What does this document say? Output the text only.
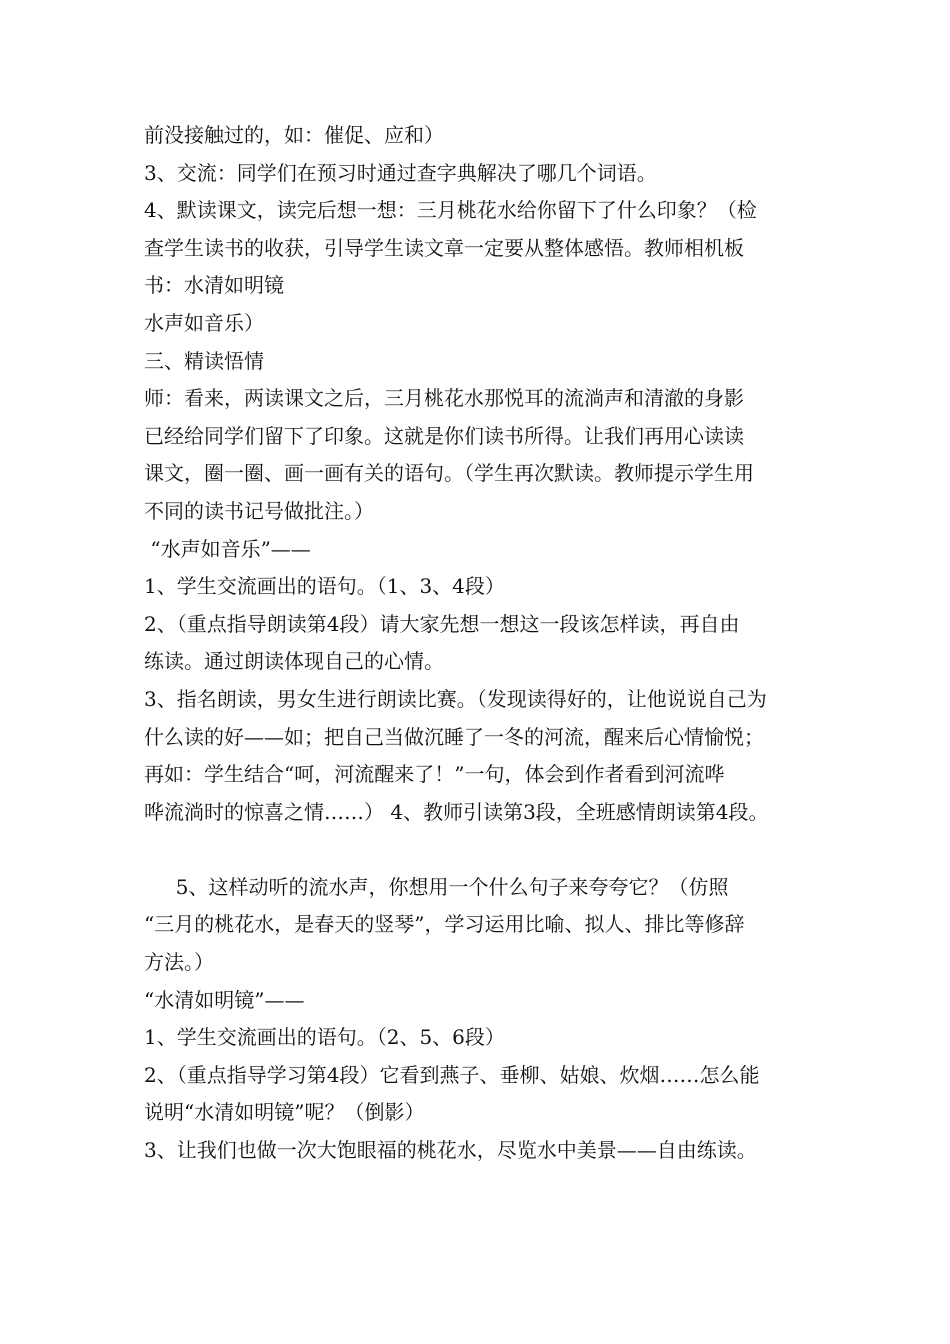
前没接触过的，如：催促、应和）
3、交流：同学们在预习时通过查字典解决了哪几个词语。
4、默读课文，读完后想一想：三月桃花水给你留下了什么印象？（检
查学生读书的收获，引导学生读文章一定要从整体感悟。教师相机板
书：水清如明镜
水声如音乐）
三、精读悟情
师：看来，两读课文之后，三月桃花水那悦耳的流淌声和清澈的身影
已经给同学们留下了印象。这就是你们读书所得。让我们再用心读读
课文，圈一圈、画一画有关的语句。（学生再次默读。教师提示学生用
不同的读书记号做批注。）
“水声如音乐”——
1、学生交流画出的语句。（1、3、4段）
2、（重点指导朗读第4段）请大家先想一想这一段该怎样读，再自由
练读。通过朗读体现自己的心情。
3、指名朗读，男女生进行朗读比赛。（发现读得好的，让他说说自己为
什么读的好——如；把自己当做沉睡了一冬的河流，醒来后心情愉悦；
再如：学生结合“呵，河流醒来了！”一句，体会到作者看到河流哗
哗流淌时的惊喜之情……） 4、教师引读第3段，全班感情朗读第4段。
5、这样动听的流水声，你想用一个什么句子来夸夸它？（仿照
“三月的桃花水，是春天的竖琴”，学习运用比喻、拟人、排比等修辞
方法。）
“水清如明镜”——
1、学生交流画出的语句。（2、5、6段）
2、（重点指导学习第4段）它看到燕子、垂柳、姑娘、炊烟……怎么能
说明“水清如明镜”呢？（倒影）
3、让我们也做一次大饱眼福的桃花水，尽览水中美景——自由练读。
